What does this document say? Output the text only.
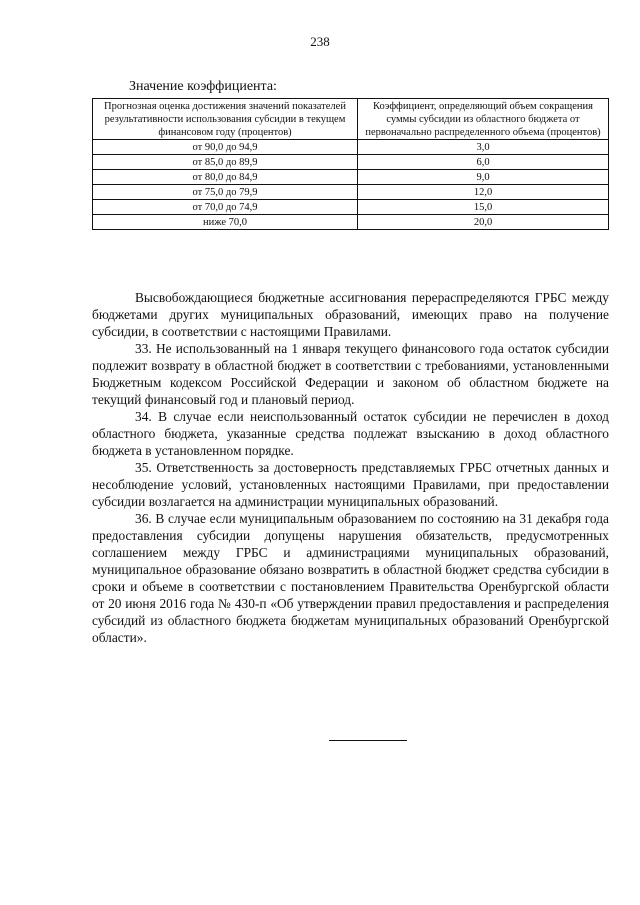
238
Значение коэффициента:
Прогнозная оценка достижения значений показателей результативности использования субсидии в текущем финансовом году (процентов)	Коэффициент, определяющий объем сокращения суммы субсидии из областного бюджета от первоначально распределенного объема (процентов)
от 90,0 до 94,9	3,0
от 85,0 до 89,9	6,0
от 80,0 до 84,9	9,0
от 75,0 до 79,9	12,0
от 70,0 до 74,9	15,0
ниже 70,0	20,0

Высвобождающиеся бюджетные ассигнования перераспределяются ГРБС между бюджетами других муниципальных образований, имеющих право на получение субсидии, в соответствии с настоящими Правилами.

33. Не использованный на 1 января текущего финансового года остаток субсидии подлежит возврату в областной бюджет в соответствии с требованиями, установленными Бюджетным кодексом Российской Федерации и законом об областном бюджете на текущий финансовый год и плановый период.

34. В случае если неиспользованный остаток субсидии не перечислен в доход областного бюджета, указанные средства подлежат взысканию в доход областного бюджета в установленном порядке.

35. Ответственность за достоверность представляемых ГРБС отчетных данных и несоблюдение условий, установленных настоящими Правилами, при предоставлении субсидии возлагается на администрации муниципальных образований.

36. В случае если муниципальным образованием по состоянию на 31 декабря года предоставления субсидии допущены нарушения обязательств, предусмотренных соглашением между ГРБС и администрациями муниципальных образований, муниципальное образование обязано возвратить в областной бюджет средства субсидии в сроки и объеме в соответствии с постановлением Правительства Оренбургской области от 20 июня 2016 года № 430-п «Об утверждении правил предоставления и распределения субсидий из областного бюджета бюджетам муниципальных образований Оренбургской области».
